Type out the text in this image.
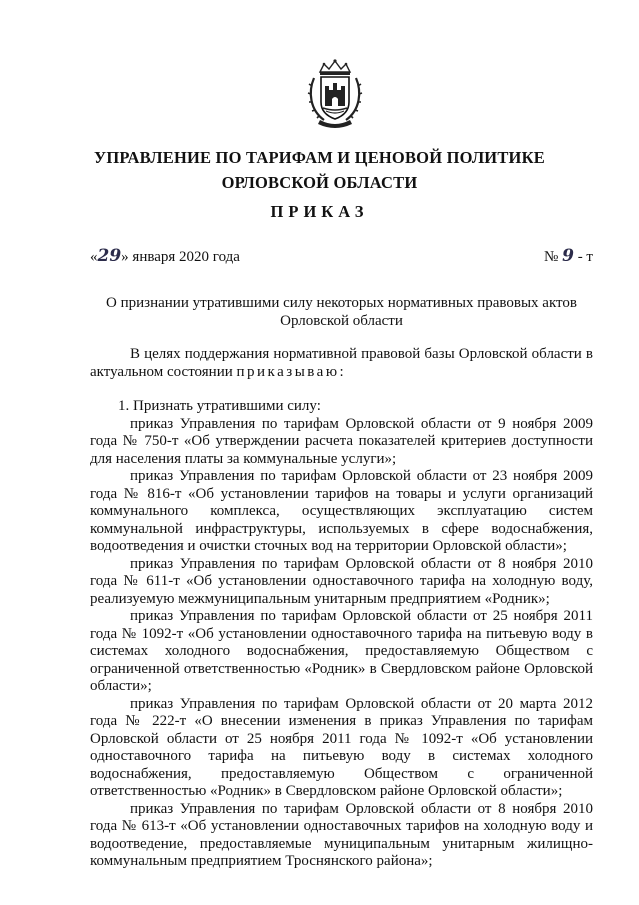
УПРАВЛЕНИЕ ПО ТАРИФАМ И ЦЕНОВОЙ ПОЛИТИКЕ
ОРЛОВСКОЙ ОБЛАСТИ
ПРИКАЗ
«29» января 2020 года	№ 9 - т
О признании утратившими силу некоторых нормативных правовых актов Орловской области

В целях поддержания нормативной правовой базы Орловской области в актуальном состоянии приказываю:

1. Признать утратившими силу:

приказ Управления по тарифам Орловской области от 9 ноября 2009 года № 750-т «Об утверждении расчета показателей критериев доступности для населения платы за коммунальные услуги»;

приказ Управления по тарифам Орловской области от 23 ноября 2009 года № 816-т «Об установлении тарифов на товары и услуги организаций коммунального комплекса, осуществляющих эксплуатацию систем коммунальной инфраструктуры, используемых в сфере водоснабжения, водоотведения и очистки сточных вод на территории Орловской области»;

приказ Управления по тарифам Орловской области от 8 ноября 2010 года № 611-т «Об установлении одноставочного тарифа на холодную воду, реализуемую межмуниципальным унитарным предприятием «Родник»;

приказ Управления по тарифам Орловской области от 25 ноября 2011 года № 1092-т «Об установлении одноставочного тарифа на питьевую воду в системах холодного водоснабжения, предоставляемую Обществом с ограниченной ответственностью «Родник» в Свердловском районе Орловской области»;

приказ Управления по тарифам Орловской области от 20 марта 2012 года № 222-т «О внесении изменения в приказ Управления по тарифам Орловской области от 25 ноября 2011 года № 1092-т «Об установлении одноставочного тарифа на питьевую воду в системах холодного водоснабжения, предоставляемую Обществом с ограниченной ответственностью «Родник» в Свердловском районе Орловской области»;

приказ Управления по тарифам Орловской области от 8 ноября 2010 года № 613-т «Об установлении одноставочных тарифов на холодную воду и водоотведение, предоставляемые муниципальным унитарным жилищно-коммунальным предприятием Троснянского района»;
